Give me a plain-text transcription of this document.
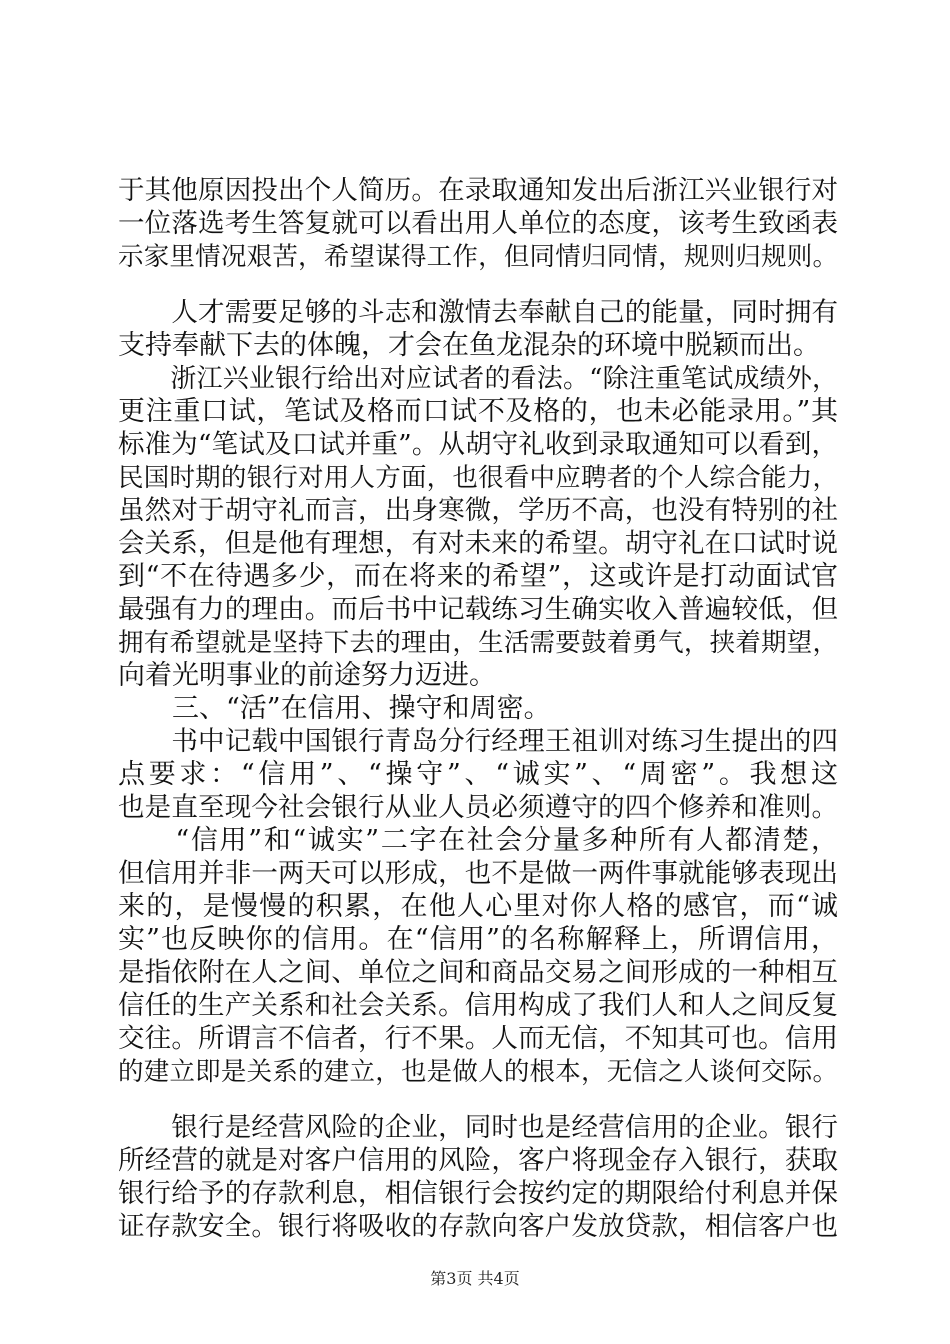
于其他原因投出个人简历。在录取通知发出后浙江兴业银行对
一位落选考生答复就可以看出用人单位的态度，该考生致函表
示家里情况艰苦，希望谋得工作，但同情归同情，规则归规则。
　　人才需要足够的斗志和激情去奉献自己的能量，同时拥有
支持奉献下去的体魄，才会在鱼龙混杂的环境中脱颖而出。
　　浙江兴业银行给出对应试者的看法。“除注重笔试成绩外，
更注重口试，笔试及格而口试不及格的，也未必能录用。”其
标准为“笔试及口试并重”。从胡守礼收到录取通知可以看到，
民国时期的银行对用人方面，也很看中应聘者的个人综合能力，
虽然对于胡守礼而言，出身寒微，学历不高，也没有特别的社
会关系，但是他有理想，有对未来的希望。胡守礼在口试时说
到“不在待遇多少，而在将来的希望”，这或许是打动面试官
最强有力的理由。而后书中记载练习生确实收入普遍较低，但
拥有希望就是坚持下去的理由，生活需要鼓着勇气，挟着期望，
向着光明事业的前途努力迈进。
　　三、“活”在信用、操守和周密。
　　书中记载中国银行青岛分行经理王祖训对练习生提出的四
点要求：“信用”、“操守”、“诚实”、“周密”。我想这
也是直至现今社会银行从业人员必须遵守的四个修养和准则。
　　“信用”和“诚实”二字在社会分量多种所有人都清楚，
但信用并非一两天可以形成，也不是做一两件事就能够表现出
来的，是慢慢的积累，在他人心里对你人格的感官，而“诚
实”也反映你的信用。在“信用”的名称解释上，所谓信用，
是指依附在人之间、单位之间和商品交易之间形成的一种相互
信任的生产关系和社会关系。信用构成了我们人和人之间反复
交往。所谓言不信者，行不果。人而无信，不知其可也。信用
的建立即是关系的建立，也是做人的根本，无信之人谈何交际。
　　银行是经营风险的企业，同时也是经营信用的企业。银行
所经营的就是对客户信用的风险，客户将现金存入银行，获取
银行给予的存款利息，相信银行会按约定的期限给付利息并保
证存款安全。银行将吸收的存款向客户发放贷款，相信客户也
第3页 共4页
